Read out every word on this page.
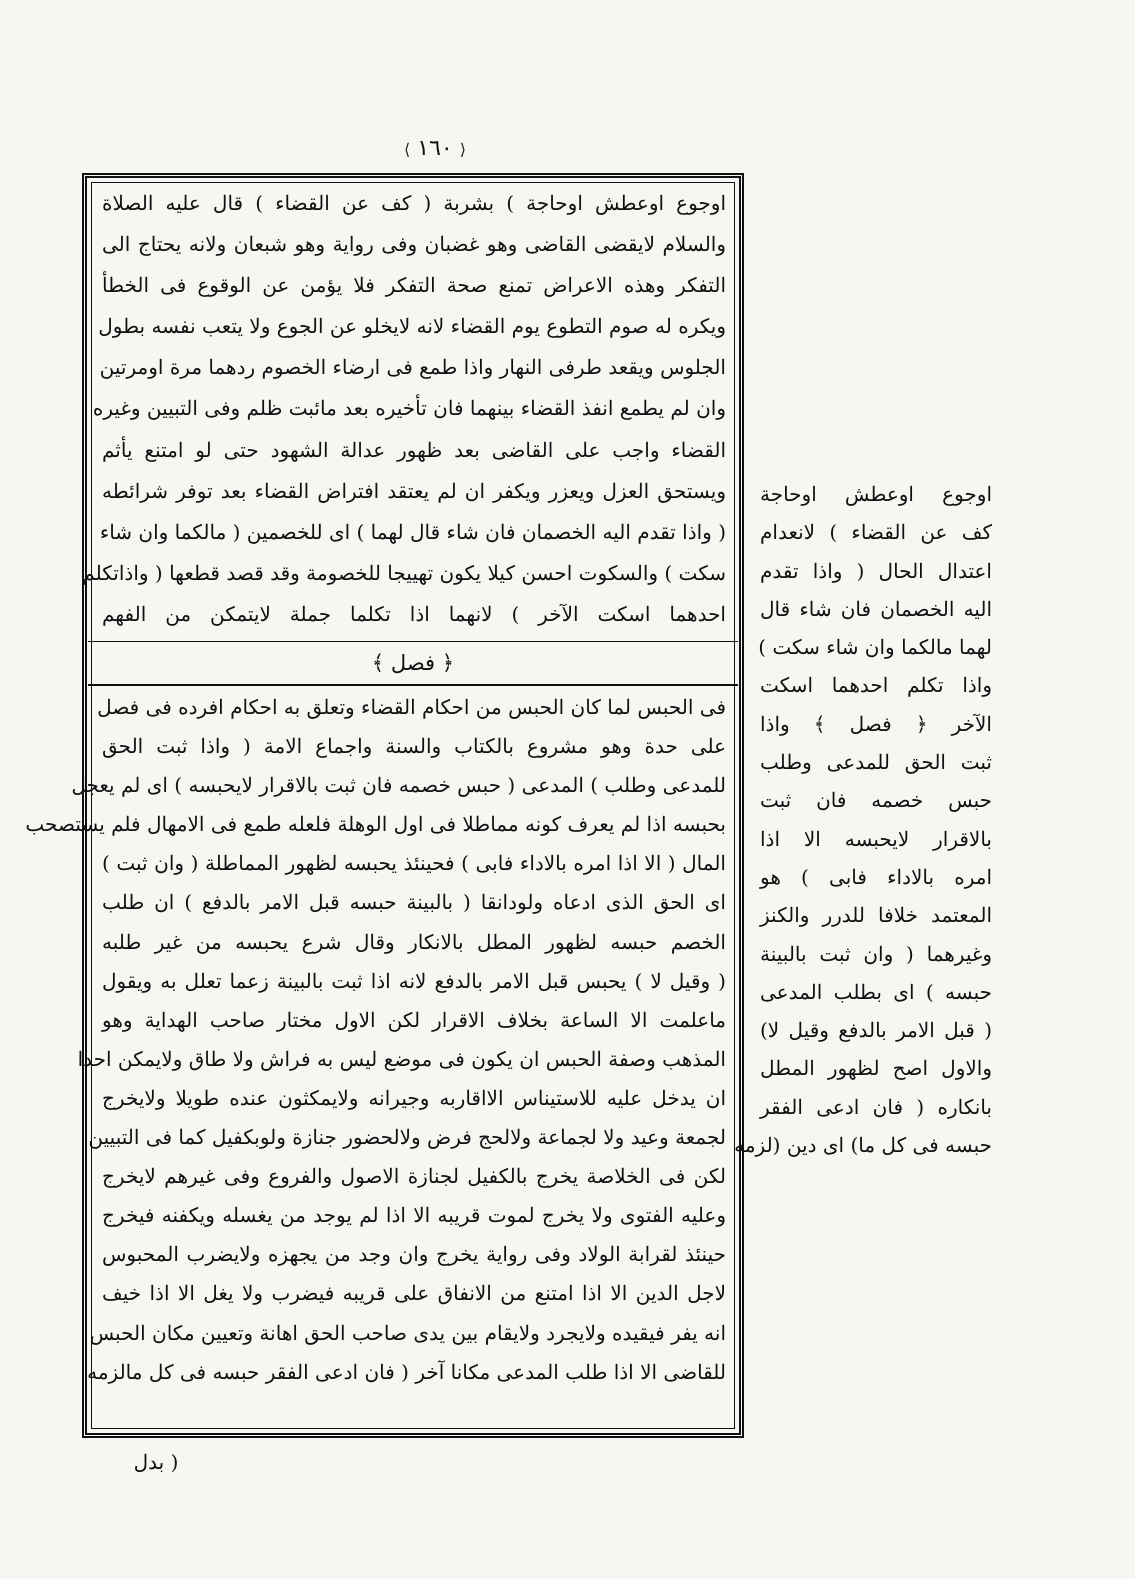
⟨ ١٦٠ ⟩
اوجوع اوعطش اوحاجة ) بشربة ( كف عن القضاء ) قال عليه الصلاة
والسلام لايقضى القاضى وهو غضبان وفى رواية وهو شبعان ولانه يحتاج الى
التفكر وهذه الاعراض تمنع صحة التفكر فلا يؤمن عن الوقوع فى الخطأ
ويكره له صوم التطوع يوم القضاء لانه لايخلو عن الجوع ولا يتعب نفسه بطول
الجلوس ويقعد طرفى النهار واذا طمع فى ارضاء الخصوم ردهما مرة اومرتين
وان لم يطمع انفذ القضاء بينهما فان تأخيره بعد مائبت ظلم وفى التبيين وغيره
القضاء واجب على القاضى بعد ظهور عدالة الشهود حتى لو امتنع يأثم
ويستحق العزل ويعزر ويكفر ان لم يعتقد افتراض القضاء بعد توفر شرائطه
( واذا تقدم اليه الخصمان فان شاء قال لهما ) اى للخصمين ( مالكما وان شاء
سكت ) والسكوت احسن كيلا يكون تهييجا للخصومة وقد قصد قطعها ( واذاتكلم
احدهما اسكت الآخر ) لانهما اذا تكلما جملة لايتمكن من الفهم
﴿ فصل ﴾
فى الحبس لما كان الحبس من احكام القضاء وتعلق به احكام افرده فى فصل
على حدة وهو مشروع بالكتاب والسنة واجماع الامة ( واذا ثبت الحق
للمدعى وطلب ) المدعى ( حبس خصمه فان ثبت بالاقرار لايحبسه ) اى لم يعجل
بحبسه اذا لم يعرف كونه مماطلا فى اول الوهلة فلعله طمع فى الامهال فلم يستصحب
المال ( الا اذا امره بالاداء فابى ) فحينئذ يحبسه لظهور المماطلة ( وان ثبت )
اى الحق الذى ادعاه ولودانقا ( بالبينة حبسه قبل الامر بالدفع ) ان طلب
الخصم حبسه لظهور المطل بالانكار وقال شرع يحبسه من غير طلبه
( وقيل لا ) يحبس قبل الامر بالدفع لانه اذا ثبت بالبينة زعما تعلل به ويقول
ماعلمت الا الساعة بخلاف الاقرار لكن الاول مختار صاحب الهداية وهو
المذهب وصفة الحبس ان يكون فى موضع ليس به فراش ولا طاق ولايمكن احدا
ان يدخل عليه للاستيناس الااقاربه وجيرانه ولايمكثون عنده طويلا ولايخرج
لجمعة وعيد ولا لجماعة ولالحج فرض ولالحضور جنازة ولوبكفيل كما فى التبيين
لكن فى الخلاصة يخرج بالكفيل لجنازة الاصول والفروع وفى غيرهم لايخرج
وعليه الفتوى ولا يخرج لموت قريبه الا اذا لم يوجد من يغسله ويكفنه فيخرج
حينئذ لقرابة الولاد وفى رواية يخرج وان وجد من يجهزه ولايضرب المحبوس
لاجل الدين الا اذا امتنع من الانفاق على قريبه فيضرب ولا يغل الا اذا خيف
انه يفر فيقيده ولايجرد ولايقام بين يدى صاحب الحق اهانة وتعيين مكان الحبس
للقاضى الا اذا طلب المدعى مكانا آخر ( فان ادعى الفقر حبسه فى كل مالزمه
اوجوع اوعطش اوحاجة
كف عن القضاء ) لانعدام
اعتدال الحال ( واذا تقدم
اليه الخصمان فان شاء قال
لهما مالكما وان شاء سكت )
واذا تكلم احدهما اسكت
الآخر ﴿ فصل ﴾ واذا
ثبت الحق للمدعى وطلب
حبس خصمه فان ثبت
بالاقرار لايحبسه الا اذا
امره بالاداء فابى ) هو
المعتمد خلافا للدرر والكنز
وغيرهما ( وان ثبت بالبينة
حبسه ) اى بطلب المدعى
( قبل الامر بالدفع وقيل لا)
والاول اصح لظهور المطل
بانكاره ( فان ادعى الفقر
حبسه فى كل ما) اى دين (لزمه
( بدل
